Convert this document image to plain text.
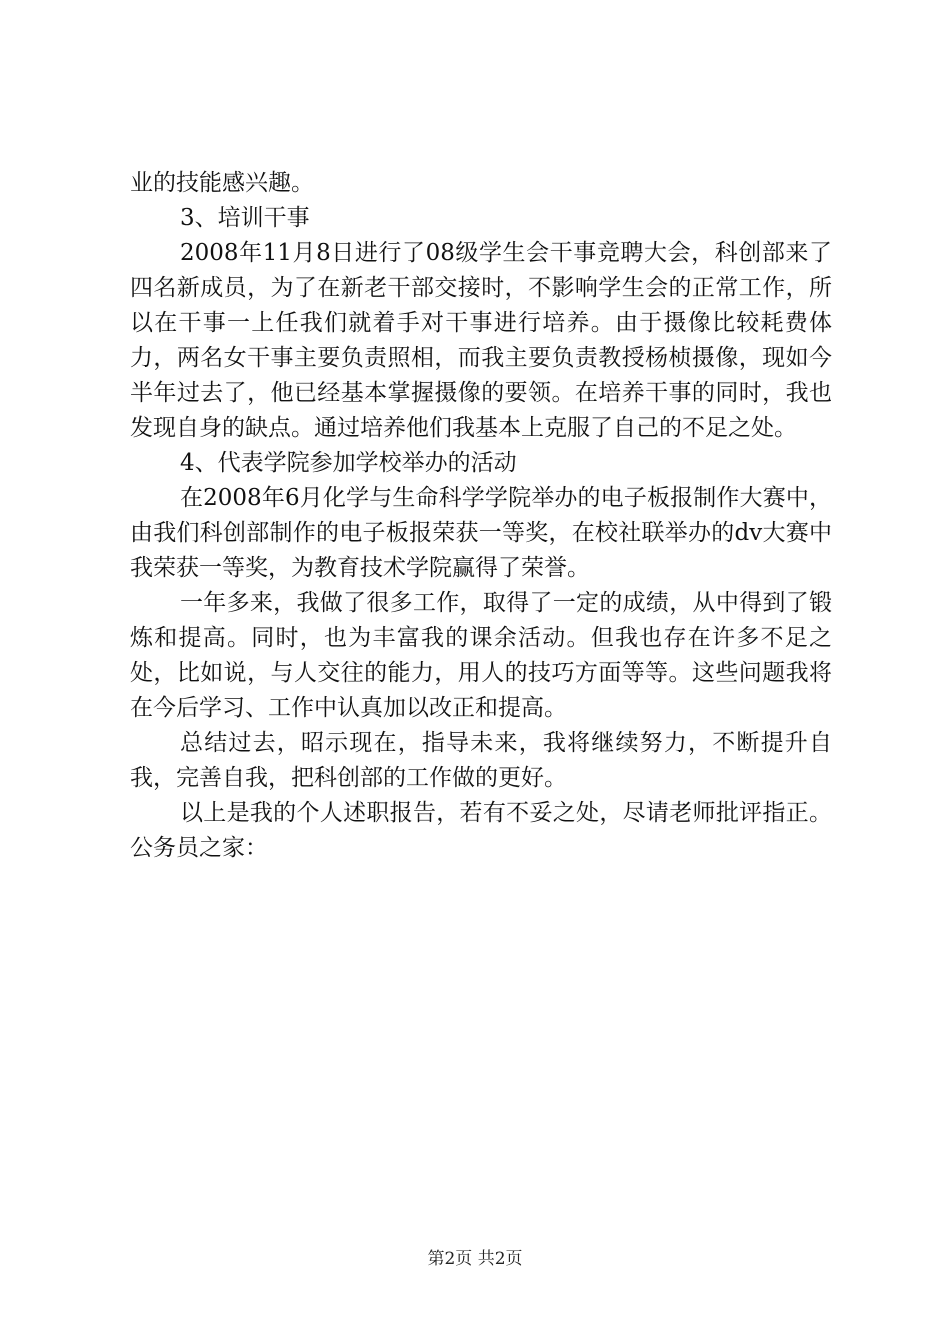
业的技能感兴趣。

3、培训干事

2008年11月8日进行了08级学生会干事竞聘大会，科创部来了四名新成员，为了在新老干部交接时，不影响学生会的正常工作，所以在干事一上任我们就着手对干事进行培养。由于摄像比较耗费体力，两名女干事主要负责照相，而我主要负责教授杨桢摄像，现如今半年过去了，他已经基本掌握摄像的要领。在培养干事的同时，我也发现自身的缺点。通过培养他们我基本上克服了自己的不足之处。

4、代表学院参加学校举办的活动

在2008年6月化学与生命科学学院举办的电子板报制作大赛中，由我们科创部制作的电子板报荣获一等奖，在校社联举办的dv大赛中我荣获一等奖，为教育技术学院赢得了荣誉。

一年多来，我做了很多工作，取得了一定的成绩，从中得到了锻炼和提高。同时，也为丰富我的课余活动。但我也存在许多不足之处，比如说，与人交往的能力，用人的技巧方面等等。这些问题我将在今后学习、工作中认真加以改正和提高。

总结过去，昭示现在，指导未来，我将继续努力，不断提升自我，完善自我，把科创部的工作做的更好。

以上是我的个人述职报告，若有不妥之处，尽请老师批评指正。公务员之家：

第2页 共2页
